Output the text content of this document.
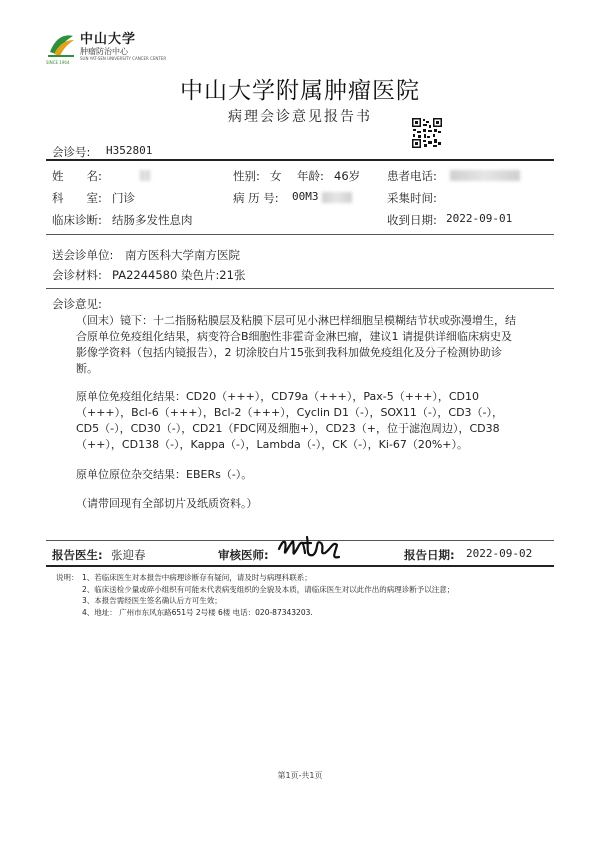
中山大学
肿瘤防治中心
SUN YAT-SEN UNIVERSITY CANCER CENTER
SINCE 1964
中山大学附属肿瘤医院
病理会诊意见报告书
会诊号: H352801
姓　　名:	性别: 女 年龄: 46岁 患者电话:
科　　室: 门诊	病 历 号: 00M3	采集时间:
临床诊断: 结肠多发性息肉	收到日期: 2022-09-01
送会诊单位: 南方医科大学南方医院
会诊材料: PA2244580 染色片:21张
会诊意见:
（回末）镜下：十二指肠粘膜层及粘膜下层可见小淋巴样细胞呈模糊结节状或弥漫增生，结合原单位免疫组化结果，病变符合B细胞性非霍奇金淋巴瘤，建议1 请提供详细临床病史及影像学资料（包括内镜报告），2 切涂胶白片15张到我科加做免疫组化及分子检测协助诊断。
原单位免疫组化结果：CD20（+++），CD79a（+++），Pax-5（+++），CD10（+++），Bcl-6（+++），Bcl-2（+++），Cyclin D1（-），SOX11（-），CD3（-），CD5（-），CD30（-），CD21（FDC网及细胞+），CD23（+，位于滤泡周边），CD38（++），CD138（-），Kappa（-），Lambda（-），CK（-），Ki-67（20%+）。
原单位原位杂交结果：EBERs（-）。
（请带回现有全部切片及纸质资料。）
报告医生: 张迎春	审核医师:	报告日期: 2022-09-02
说明： 1、若临床医生对本报告中病理诊断存有疑问，请及时与病理科联系；
2、临床送检少量或碎小组织有可能未代表病变组织的全貌及本质，请临床医生对以此作出的病理诊断予以注意；
3、本报告需经医生签名确认后方可生效；
4、地址： 广州市东风东路651号 2号楼 6楼 电话：020-87343203.
第1页-共1页
